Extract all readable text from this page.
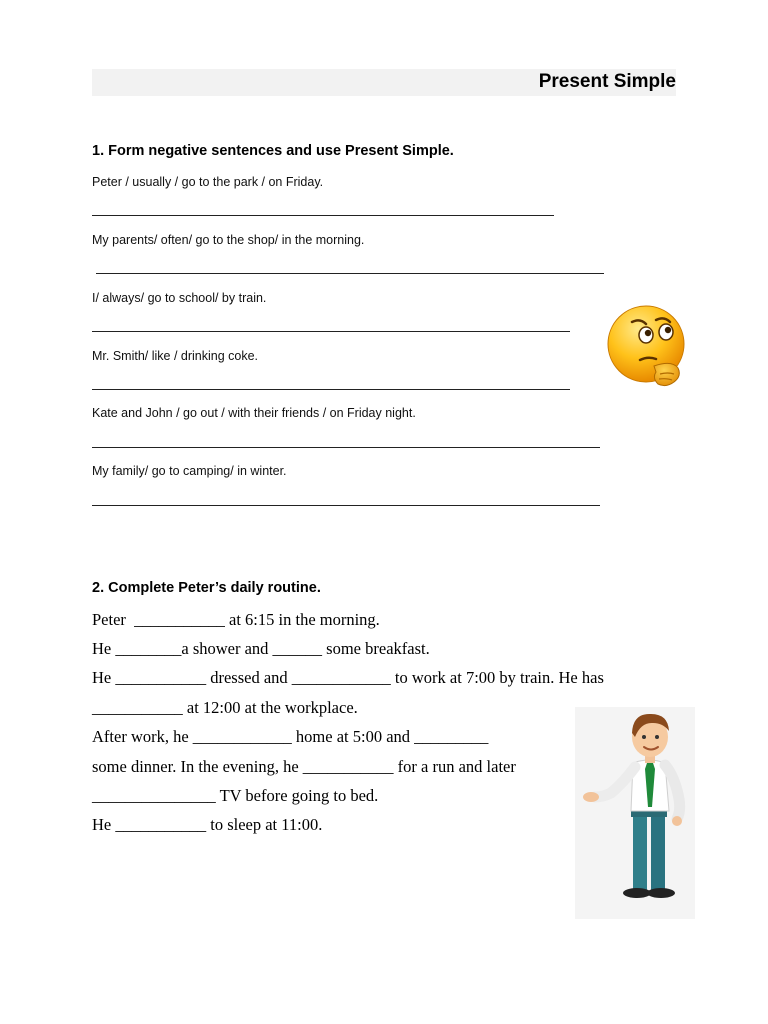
Present Simple
1. Form negative sentences and use Present Simple.
Peter / usually / go to the park / on Friday.
My parents/ often/ go to the shop/ in the morning.
I/ always/ go to school/ by train.
Mr. Smith/ like / drinking coke.
Kate and John / go out / with their friends / on Friday night.
My family/ go to camping/ in winter.
2. Complete Peter’s daily routine.
Peter  ___________ at 6:15 in the morning.
He ________a shower and ______ some breakfast.
He ___________ dressed and ____________ to work at 7:00 by train. He has
___________ at 12:00 at the workplace.
After work, he ____________ home at 5:00 and _________
some dinner. In the evening, he ___________ for a run and later
_______________ TV before going to bed.
He ___________ to sleep at 11:00.
